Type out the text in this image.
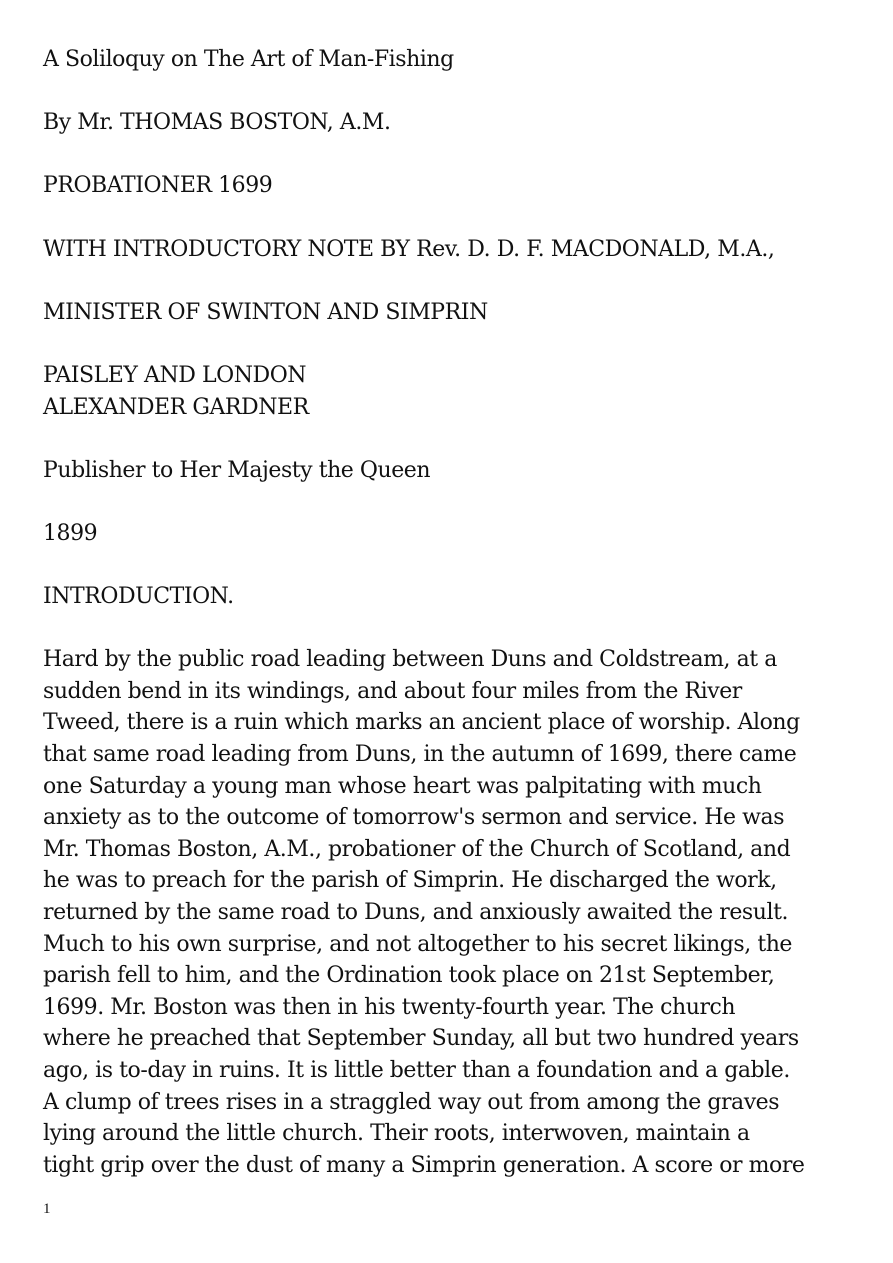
A Soliloquy on The Art of Man-Fishing

By Mr. THOMAS BOSTON, A.M.

PROBATIONER 1699

WITH INTRODUCTORY NOTE BY Rev. D. D. F. MACDONALD, M.A.,

MINISTER OF SWINTON AND SIMPRIN

PAISLEY AND LONDON
ALEXANDER GARDNER

Publisher to Her Majesty the Queen

1899

INTRODUCTION.

Hard by the public road leading between Duns and Coldstream, at a
sudden bend in its windings, and about four miles from the River
Tweed, there is a ruin which marks an ancient place of worship. Along
that same road leading from Duns, in the autumn of 1699, there came
one Saturday a young man whose heart was palpitating with much
anxiety as to the outcome of tomorrow's sermon and service. He was
Mr. Thomas Boston, A.M., probationer of the Church of Scotland, and
he was to preach for the parish of Simprin. He discharged the work,
returned by the same road to Duns, and anxiously awaited the result.
Much to his own surprise, and not altogether to his secret likings, the
parish fell to him, and the Ordination took place on 21st September,
1699. Mr. Boston was then in his twenty-fourth year. The church
where he preached that September Sunday, all but two hundred years
ago, is to-day in ruins. It is little better than a foundation and a gable.
A clump of trees rises in a straggled way out from among the graves
lying around the little church. Their roots, interwoven, maintain a
tight grip over the dust of many a Simprin generation. A score or more

1
